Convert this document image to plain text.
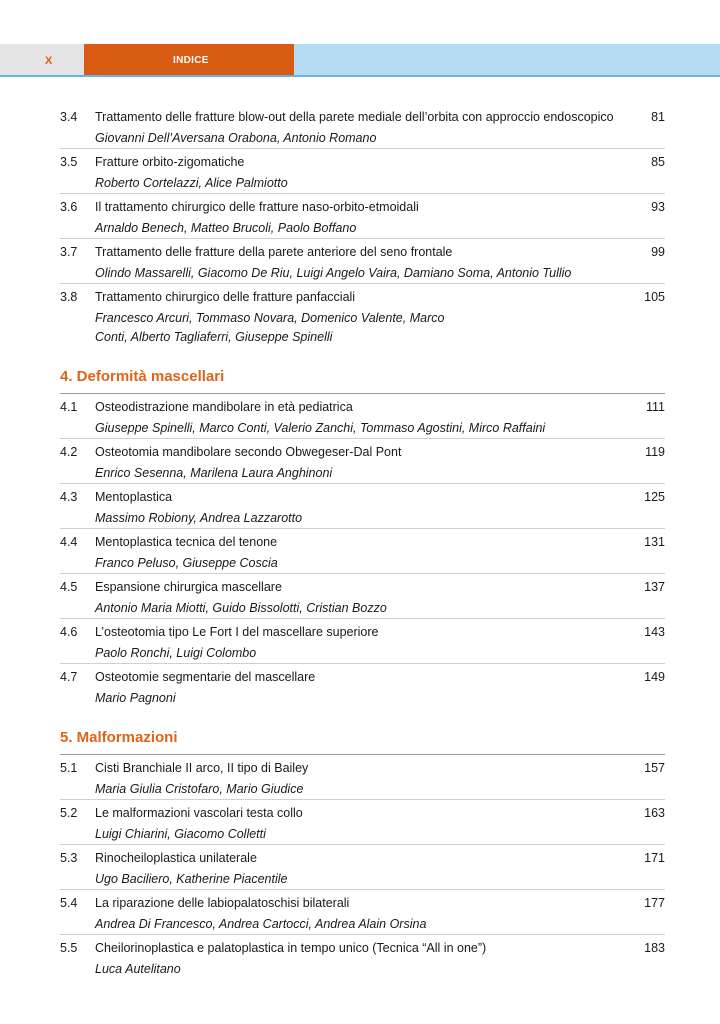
X	INDICE
3.4 Trattamento delle fratture blow-out della parete mediale dell’orbita con approccio endoscopico	81
Giovanni Dell’Aversana Orabona, Antonio Romano
3.5 Fratture orbito-zigomatiche	85
Roberto Cortelazzi, Alice Palmiotto
3.6 Il trattamento chirurgico delle fratture naso-orbito-etmoidali	93
Arnaldo Benech, Matteo Brucoli, Paolo Boffano
3.7 Trattamento delle fratture della parete anteriore del seno frontale	99
Olindo Massarelli, Giacomo De Riu, Luigi Angelo Vaira, Damiano Soma, Antonio Tullio
3.8 Trattamento chirurgico delle fratture panfacciali	105
Francesco Arcuri, Tommaso Novara, Domenico Valente, Marco Conti, Alberto Tagliaferri, Giuseppe Spinelli
4. Deformità mascellari
4.1 Osteodistrazione mandibolare in età pediatrica	111
Giuseppe Spinelli, Marco Conti, Valerio Zanchi, Tommaso Agostini, Mirco Raffaini
4.2 Osteotomia mandibolare secondo Obwegeser-Dal Pont	119
Enrico Sesenna, Marilena Laura Anghinoni
4.3 Mentoplastica	125
Massimo Robiony, Andrea Lazzarotto
4.4 Mentoplastica tecnica del tenone	131
Franco Peluso, Giuseppe Coscia
4.5 Espansione chirurgica mascellare	137
Antonio Maria Miotti, Guido Bissolotti, Cristian Bozzo
4.6 L’osteotomia tipo Le Fort I del mascellare superiore	143
Paolo Ronchi, Luigi Colombo
4.7 Osteotomie segmentarie del mascellare	149
Mario Pagnoni
5. Malformazioni
5.1 Cisti Branchiale II arco, II tipo di Bailey	157
Maria Giulia Cristofaro, Mario Giudice
5.2 Le malformazioni vascolari testa collo	163
Luigi Chiarini, Giacomo Colletti
5.3 Rinocheiloplastica unilaterale	171
Ugo Baciliero, Katherine Piacentile
5.4 La riparazione delle labiopalatoschisi bilaterali	177
Andrea Di Francesco, Andrea Cartocci, Andrea Alain Orsina
5.5 Cheilorinoplastica e palatoplastica in tempo unico (Tecnica “All in one”)	183
Luca Autelitano
